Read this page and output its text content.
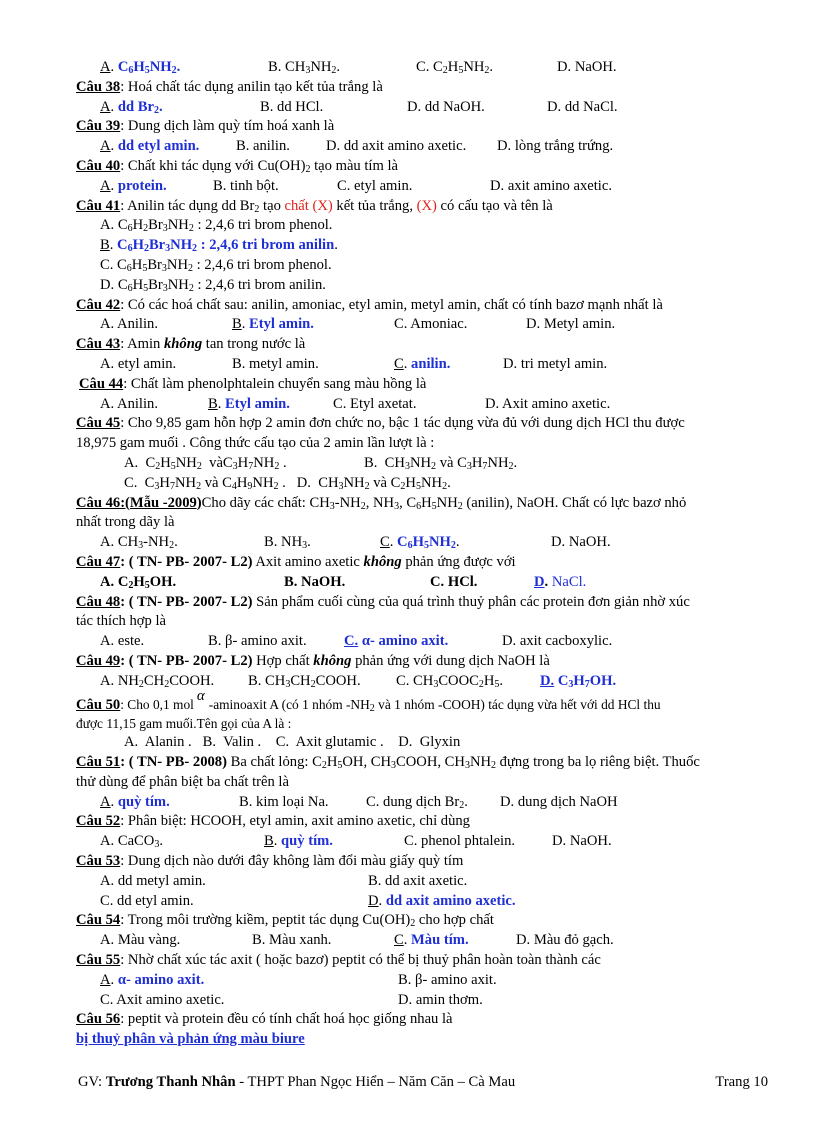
A. $C_6H_5NH_2$.	B. $CH_3NH_2$.	C. $C_2H_5NH_2$.	D. NaOH.
Câu 38: Hoá chất tác dụng anilin tạo kết tủa trắng là
A. dd $Br_2$.	B. dd HCl.	D. dd NaOH.	D. dd NaCl.
Câu 39: Dung dịch làm quỳ tím hoá xanh là
A. dd etyl amin.	B. anilin. D. dd axit amino axetic. D. lòng trắng trứng.
Câu 40: Chất khi tác dụng với $Cu(OH)_2$ tạo màu tím là
A. protein.	B. tinh bột.	C. etyl amin.	D. axit amino axetic.
Câu 41: Anilin tác dụng dd $Br_2$ tạo chất (X) kết tủa trắng, (X) có cấu tạo và tên là
A. $C_6H_2Br_3NH_2$ : 2,4,6 tri brom phenol.
B. $C_6H_2Br_3NH_2$ : 2,4,6 tri brom anilin.
C. $C_6H_5Br_3NH_2$ : 2,4,6 tri brom phenol.
D. $C_6H_5Br_3NH_2$ : 2,4,6 tri brom anilin.
Câu 42: Có các hoá chất sau: anilin, amoniac, etyl amin, metyl amin, chất có tính bazơ mạnh nhất là
A. Anilin.	B. Etyl amin.	C. Amoniac.	D. Metyl amin.
Câu 43: Amin không tan trong nước là
A. etyl amin.	B. metyl amin.	C. anilin.	D. tri metyl amin.
Câu 44: Chất làm phenolphtalein chuyển sang màu hồng là
A. Anilin.	B. Etyl amin.	C. Etyl axetat.	D. Axit amino axetic.
Câu 45: Cho 9,85 gam hỗn hợp 2 amin đơn chức no, bậc 1 tác dụng vừa đủ với dung dịch HCl thu được
18,975 gam muối . Công thức cấu tạo của 2 amin lần lượt là :
A.  $C_2H_5NH_2$  $vàC_3H_7NH_2$ .	B.  $CH_3NH_2$ và $C_3H_7NH_2$.
C.  $C_3H_7NH_2$ và $C_4H_9NH_2$ .   D.  $CH_3NH_2$ và $C_2H_5NH_2$.
Câu 46:(Mẫu -2009)Cho dãy các chất: $CH_3-NH_2$, $NH_3$, $C_6H_5NH_2$ (anilin), NaOH. Chất có lực bazơ nhỏ
nhất trong dãy là
A. $CH_3-NH_2$.	B. $NH_3$.	C. $C_6H_5NH_2$.	D. NaOH.
Câu 47: ( TN- PB- 2007- L2) Axit amino axetic không phản ứng được với
A. $C_2H_5OH$.	B. NaOH.	C. HCl.	D. NaCl.
Câu 48: ( TN- PB- 2007- L2) Sản phẩm cuối cùng của quá trình thuỷ phân các protein đơn giản nhờ xúc
tác thích hợp là
A. este.	B. β- amino axit.	C. α- amino axit.	D. axit cacboxylic.
Câu 49: ( TN- PB- 2007- L2) Hợp chất không phản ứng với dung dịch NaOH là
A. $NH_2CH_2COOH$. B. $CH_3CH_2COOH$. C. $CH_3COOC_2H_5$.	D. $C_3H_7OH$.
Câu 50: Cho 0,1 molα-aminoaxit A (có 1 nhóm $-NH_2$ và 1 nhóm -COOH) tác dụng vừa hết với dd HCl thu
được 11,15 gam muối.Tên gọi của A là :
A.  Alanin .   B.  Valin .    C.  Axit glutamic .    D.  Glyxin
Câu 51: ( TN- PB- 2008) Ba chất lỏng: $C_2H_5OH$, $CH_3COOH$, $CH_3NH_2$ đựng trong ba lọ riêng biệt. Thuốc
thử dùng để phân biệt ba chất trên là
A. quỳ tím.	B. kim loại Na.	C. dung dịch $Br_2$. D. dung dịch NaOH
Câu 52: Phân biệt: HCOOH, etyl amin, axit amino axetic, chỉ dùng
A. CaCO$_3$.	B. quỳ tím.	C. phenol phtalein.	D. NaOH.
Câu 53: Dung dịch nào dưới đây không làm đổi màu giấy quỳ tím
A. dd metyl amin.	B. dd axit axetic.
C. dd etyl amin.	D. dd axit amino axetic.
Câu 54: Trong môi trường kiềm, peptit tác dụng $Cu(OH)_2$ cho hợp chất
A. Màu vàng.	B. Màu xanh.	C. Màu tím.	D. Màu đỏ gạch.
Câu 55: Nhờ chất xúc tác axit ( hoặc bazơ) peptit có thể bị thuỷ phân hoàn toàn thành các
A. α- amino axit.	B. β- amino axit.
C. Axit amino axetic.	D. amin thơm.
Câu 56: peptit và protein đều có tính chất hoá học giống nhau là
bị thuỷ phân và phản ứng màu biure
GV: Trương Thanh Nhân - THPT Phan Ngọc Hiển – Năm Căn – Cà Mau	Trang 10
